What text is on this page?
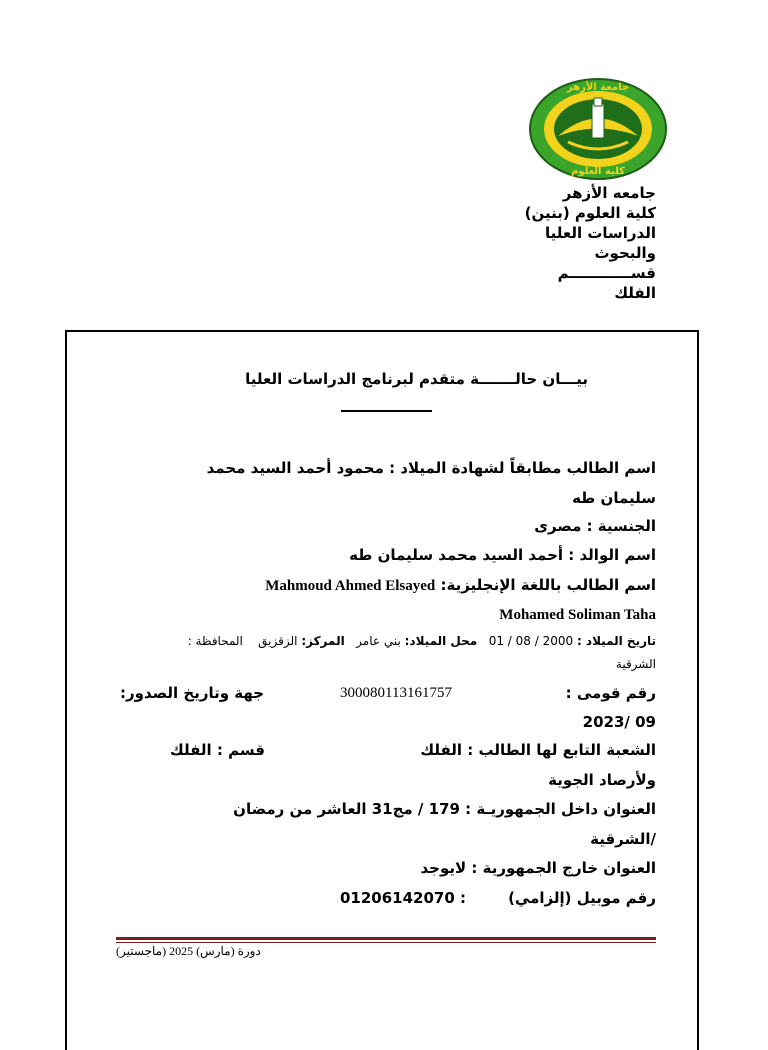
جامعة الأزهر
كلية العلوم
جامعه الأزهر
كلية العلوم (بنين)
الدراسات العليا
والبحوث
قســــــــــــم
الفلك
بيـــان حالـــــــة متقدم لبرنامج الدراسات العليا
اسم الطالب مطابقاً لشهادة الميلاد : محمود أحمد السيد محمد
سليمان طه
الجنسية : مصرى
اسم الوالد : أحمد السيد محمد سليمان طه
اسم الطالب باللغة الإنجليزية: Mahmoud Ahmed Elsayed
Mohamed Soliman Taha
تاريخ الميلاد : 01 / 08 / 2000   محل الميلاد: بني عامر   المركز: الزقزيق    المحافظة :
الشرقية
رقم قومى :
300080113161757
جهة وتاريخ الصدور:
2023/ 09
الشعبة التابع لها الطالب : الفلك
قسم : الفلك
ولأرصاد الجوية
العنوان داخل الجمهوريـة : 179 / مج31 العاشر من رمضان
/الشرقية
العنوان خارج الجمهورية : لايوجد
رقم موبيل (إلزامي)
: 01206142070
دورة (مارس) 2025 (ماجستير)
